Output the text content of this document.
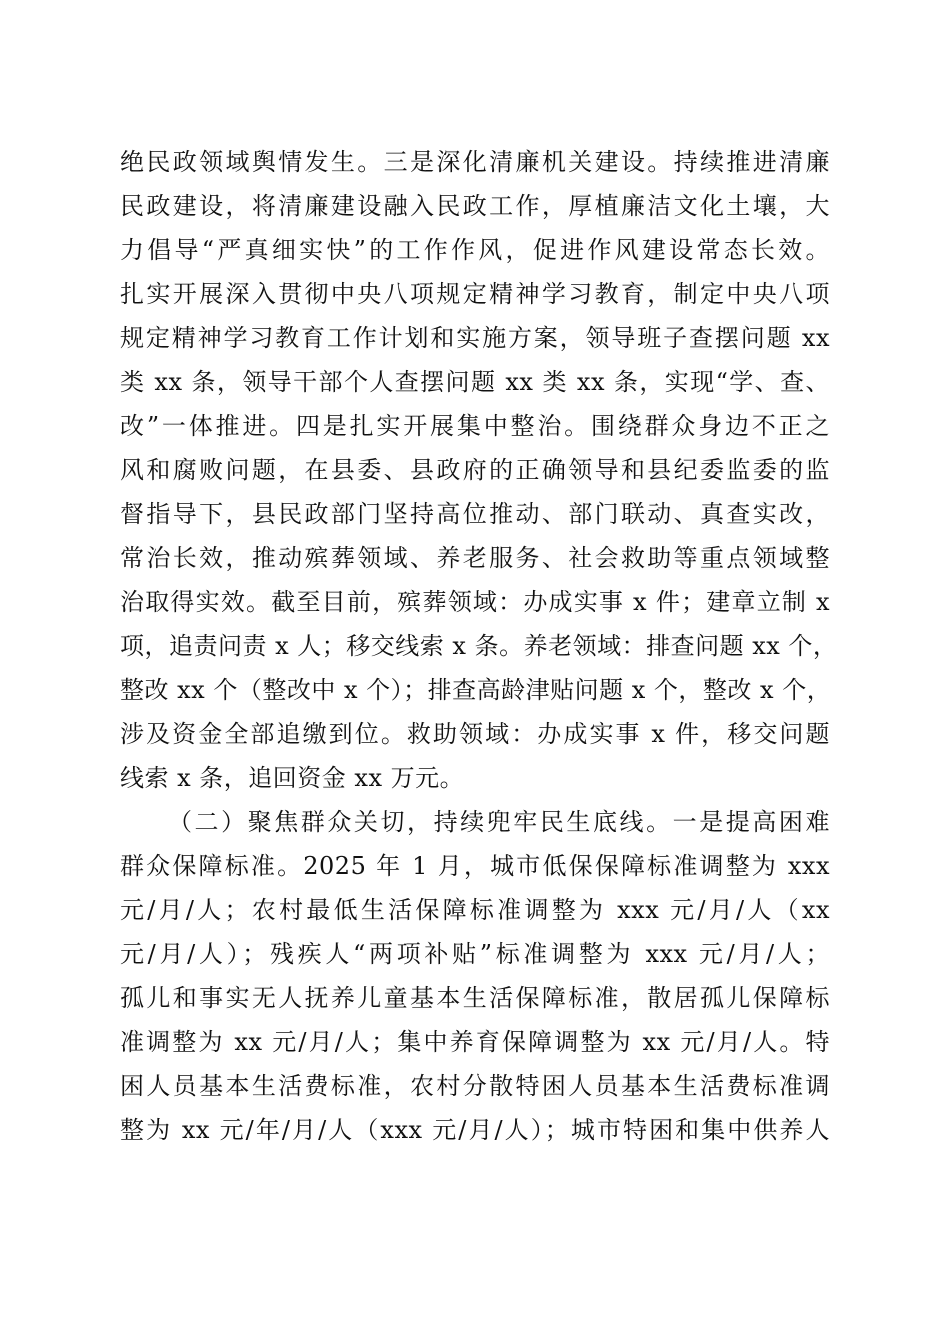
绝民政领域舆情发生。三是深化清廉机关建设。持续推进清廉
民政建设，将清廉建设融入民政工作，厚植廉洁文化土壤，大
力倡导“严真细实快”的工作作风，促进作风建设常态长效。
扎实开展深入贯彻中央八项规定精神学习教育，制定中央八项
规定精神学习教育工作计划和实施方案，领导班子查摆问题 xx
类 xx 条，领导干部个人查摆问题 xx 类 xx 条，实现“学、查、
改”一体推进。四是扎实开展集中整治。围绕群众身边不正之
风和腐败问题，在县委、县政府的正确领导和县纪委监委的监
督指导下，县民政部门坚持高位推动、部门联动、真查实改，
常治长效，推动殡葬领域、养老服务、社会救助等重点领域整
治取得实效。截至目前，殡葬领域：办成实事 x 件；建章立制 x
项，追责问责 x 人；移交线索 x 条。养老领域：排查问题 xx 个，
整改 xx 个（整改中 x 个）；排查高龄津贴问题 x 个，整改 x 个，
涉及资金全部追缴到位。救助领域：办成实事 x 件，移交问题
线索 x 条，追回资金 xx 万元。
（二）聚焦群众关切，持续兜牢民生底线。一是提高困难
群众保障标准。2025 年 1 月，城市低保保障标准调整为 xxx
元/月/人；农村最低生活保障标准调整为 xxx 元/月/人（xx
元/月/人）；残疾人“两项补贴”标准调整为 xxx 元/月/人；
孤儿和事实无人抚养儿童基本生活保障标准，散居孤儿保障标
准调整为 xx 元/月/人；集中养育保障调整为 xx 元/月/人。特
困人员基本生活费标准，农村分散特困人员基本生活费标准调
整为 xx 元/年/月/人（xxx 元/月/人）；城市特困和集中供养人
